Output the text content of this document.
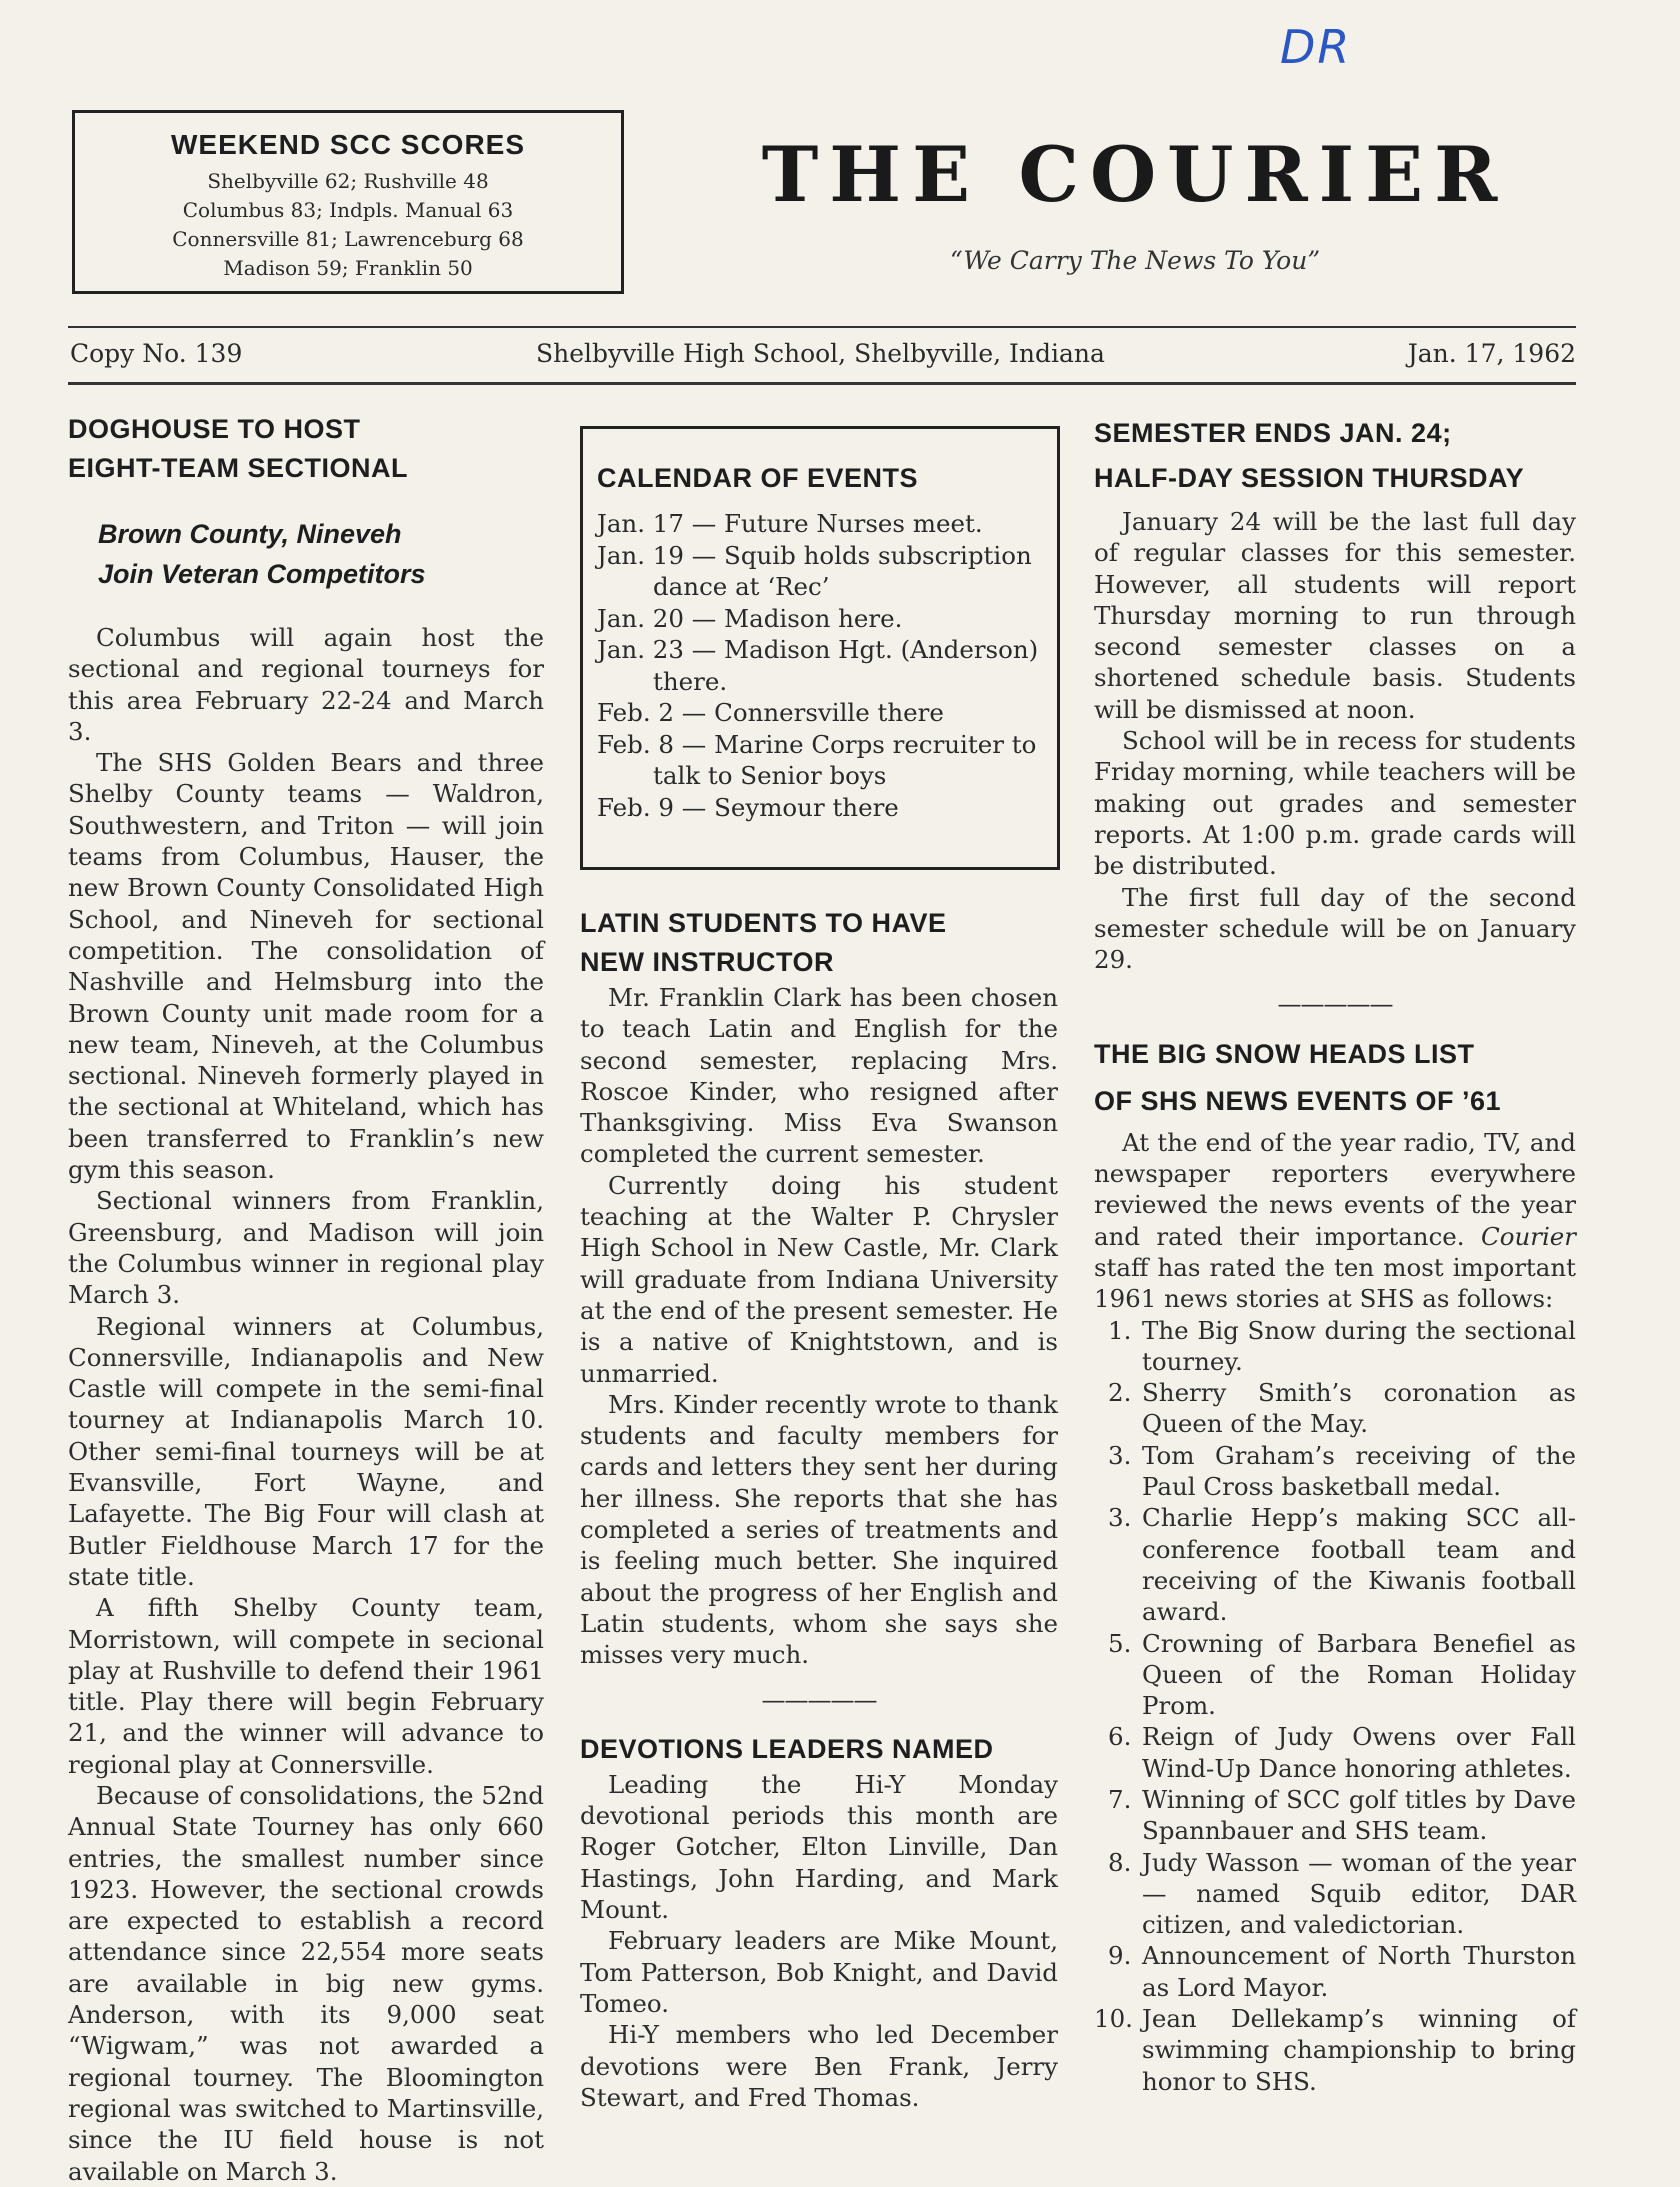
DR
WEEKEND SCC SCORES
Shelbyville 62; Rushville 48
Columbus 83; Indpls. Manual 63
Connersville 81; Lawrenceburg 68
Madison 59; Franklin 50
THE COURIER
“We Carry The News To You”
Copy No. 139	Shelbyville High School, Shelbyville, Indiana	Jan. 17, 1962
DOGHOUSE TO HOST
EIGHT-TEAM SECTIONAL
Brown County, Nineveh
Join Veteran Competitors

Columbus will again host the sectional and regional tourneys for this area February 22-24 and March 3.

The SHS Golden Bears and three Shelby County teams — Waldron, Southwestern, and Triton — will join teams from Columbus, Hauser, the new Brown County Consolidated High School, and Nineveh for sectional competition. The consolidation of Nashville and Helmsburg into the Brown County unit made room for a new team, Nineveh, at the Columbus sectional. Nineveh formerly played in the sectional at Whiteland, which has been transferred to Franklin’s new gym this season.

Sectional winners from Franklin, Greensburg, and Madison will join the Columbus winner in regional play March 3.

Regional winners at Columbus, Connersville, Indianapolis and New Castle will compete in the semi-final tourney at Indianapolis March 10. Other semi-final tourneys will be at Evansville, Fort Wayne, and Lafayette. The Big Four will clash at Butler Fieldhouse March 17 for the state title.

A fifth Shelby County team, Morristown, will compete in secional play at Rushville to defend their 1961 title. Play there will begin February 21, and the winner will advance to regional play at Connersville.

Because of consolidations, the 52nd Annual State Tourney has only 660 entries, the smallest number since 1923. However, the sectional crowds are expected to establish a record attendance since 22,554 more seats are available in big new gyms. Anderson, with its 9,000 seat “Wigwam,” was not awarded a regional tourney. The Bloomington regional was switched to Martinsville, since the IU field house is not available on March 3.

CALENDAR OF EVENTS
Jan. 17 — Future Nurses meet.
Jan. 19 — Squib holds subscription dance at ‘Rec’
Jan. 20 — Madison here.
Jan. 23 — Madison Hgt. (Anderson) there.
Feb. 2 — Connersville there
Feb. 8 — Marine Corps recruiter to talk to Senior boys
Feb. 9 — Seymour there
LATIN STUDENTS TO HAVE
NEW INSTRUCTOR

Mr. Franklin Clark has been chosen to teach Latin and English for the second semester, replacing Mrs. Roscoe Kinder, who resigned after Thanksgiving. Miss Eva Swanson completed the current semester.

Currently doing his student teaching at the Walter P. Chrysler High School in New Castle, Mr. Clark will graduate from Indiana University at the end of the present semester. He is a native of Knightstown, and is unmarried.

Mrs. Kinder recently wrote to thank students and faculty members for cards and letters they sent her during her illness. She reports that she has completed a series of treatments and is feeling much better. She inquired about the progress of her English and Latin students, whom she says she misses very much.

—————
DEVOTIONS LEADERS NAMED

Leading the Hi-Y Monday devotional periods this month are Roger Gotcher, Elton Linville, Dan Hastings, John Harding, and Mark Mount.

February leaders are Mike Mount, Tom Patterson, Bob Knight, and David Tomeo.

Hi-Y members who led December devotions were Ben Frank, Jerry Stewart, and Fred Thomas.

SEMESTER ENDS JAN. 24;
HALF-DAY SESSION THURSDAY

January 24 will be the last full day of regular classes for this semester. However, all students will report Thursday morning to run through second semester classes on a shortened schedule basis. Students will be dismissed at noon.

School will be in recess for students Friday morning, while teachers will be making out grades and semester reports. At 1:00 p.m. grade cards will be distributed.

The first full day of the second semester schedule will be on January 29.

—————
THE BIG SNOW HEADS LIST
OF SHS NEWS EVENTS OF ’61

At the end of the year radio, TV, and newspaper reporters everywhere reviewed the news events of the year and rated their importance. Courier staff has rated the ten most important 1961 news stories at SHS as follows:

1. The Big Snow during the sectional tourney.
2. Sherry Smith’s coronation as Queen of the May.
3. Tom Graham’s receiving of the Paul Cross basketball medal.
3. Charlie Hepp’s making SCC all-conference football team and receiving of the Kiwanis football award.
5. Crowning of Barbara Benefiel as Queen of the Roman Holiday Prom.
6. Reign of Judy Owens over Fall Wind-Up Dance honoring athletes.
7. Winning of SCC golf titles by Dave Spannbauer and SHS team.
8. Judy Wasson — woman of the year — named Squib editor, DAR citizen, and valedictorian.
9. Announcement of North Thurston as Lord Mayor.
10. Jean Dellekamp’s winning of swimming championship to bring honor to SHS.
